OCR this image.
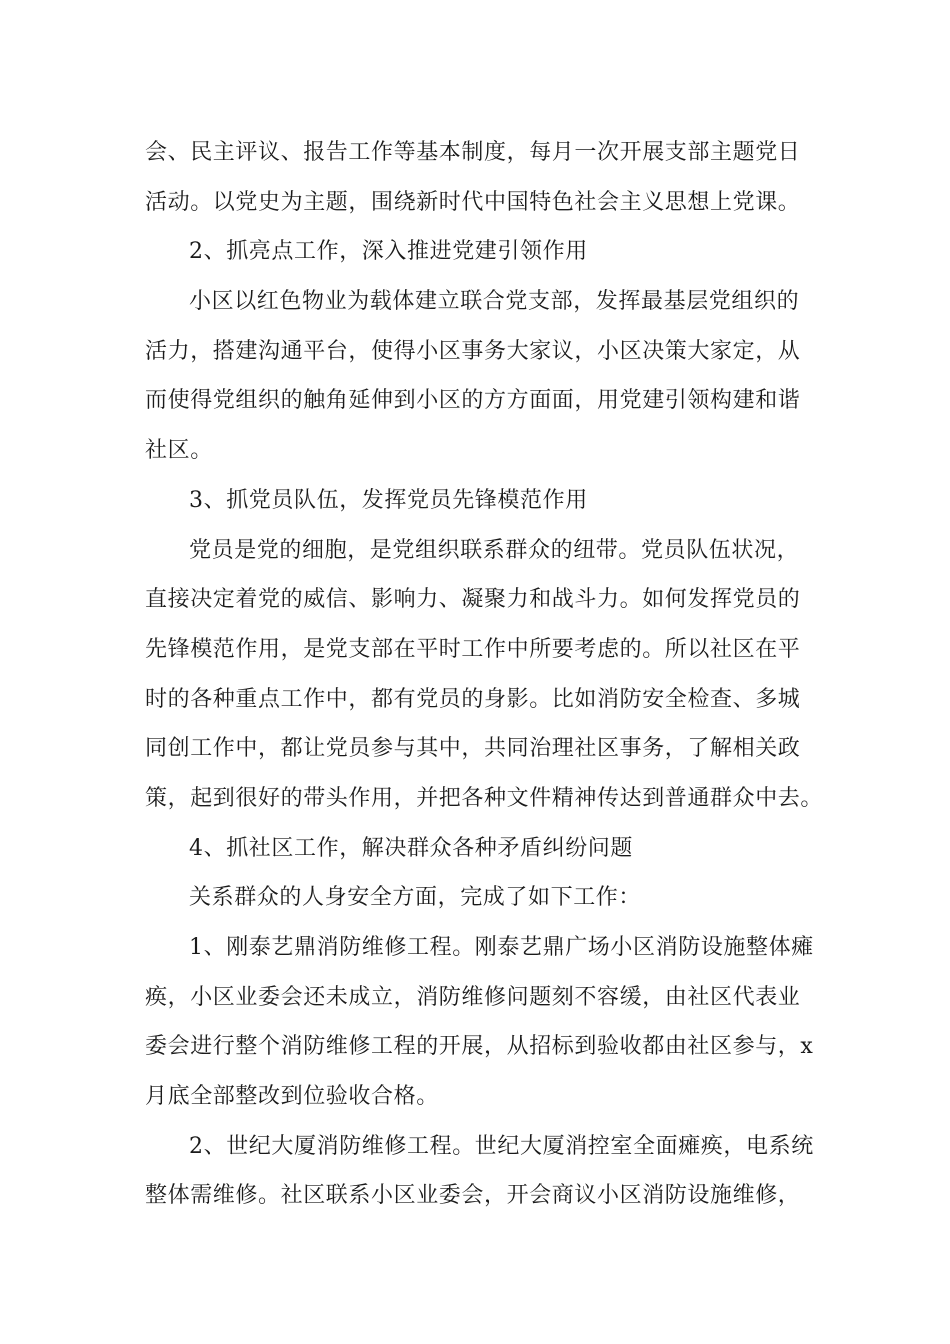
会、民主评议、报告工作等基本制度，每月一次开展支部主题党日
活动。以党史为主题，围绕新时代中国特色社会主义思想上党课。
2、抓亮点工作，深入推进党建引领作用
小区以红色物业为载体建立联合党支部，发挥最基层党组织的
活力，搭建沟通平台，使得小区事务大家议，小区决策大家定，从
而使得党组织的触角延伸到小区的方方面面，用党建引领构建和谐
社区。
3、抓党员队伍，发挥党员先锋模范作用
党员是党的细胞，是党组织联系群众的纽带。党员队伍状况，
直接决定着党的威信、影响力、凝聚力和战斗力。如何发挥党员的
先锋模范作用，是党支部在平时工作中所要考虑的。所以社区在平
时的各种重点工作中，都有党员的身影。比如消防安全检查、多城
同创工作中，都让党员参与其中，共同治理社区事务，了解相关政
策，起到很好的带头作用，并把各种文件精神传达到普通群众中去。
4、抓社区工作，解决群众各种矛盾纠纷问题
关系群众的人身安全方面，完成了如下工作：
1、刚泰艺鼎消防维修工程。刚泰艺鼎广场小区消防设施整体瘫
痪，小区业委会还未成立，消防维修问题刻不容缓，由社区代表业
委会进行整个消防维修工程的开展，从招标到验收都由社区参与，x
月底全部整改到位验收合格。
2、世纪大厦消防维修工程。世纪大厦消控室全面瘫痪，电系统
整体需维修。社区联系小区业委会，开会商议小区消防设施维修，
